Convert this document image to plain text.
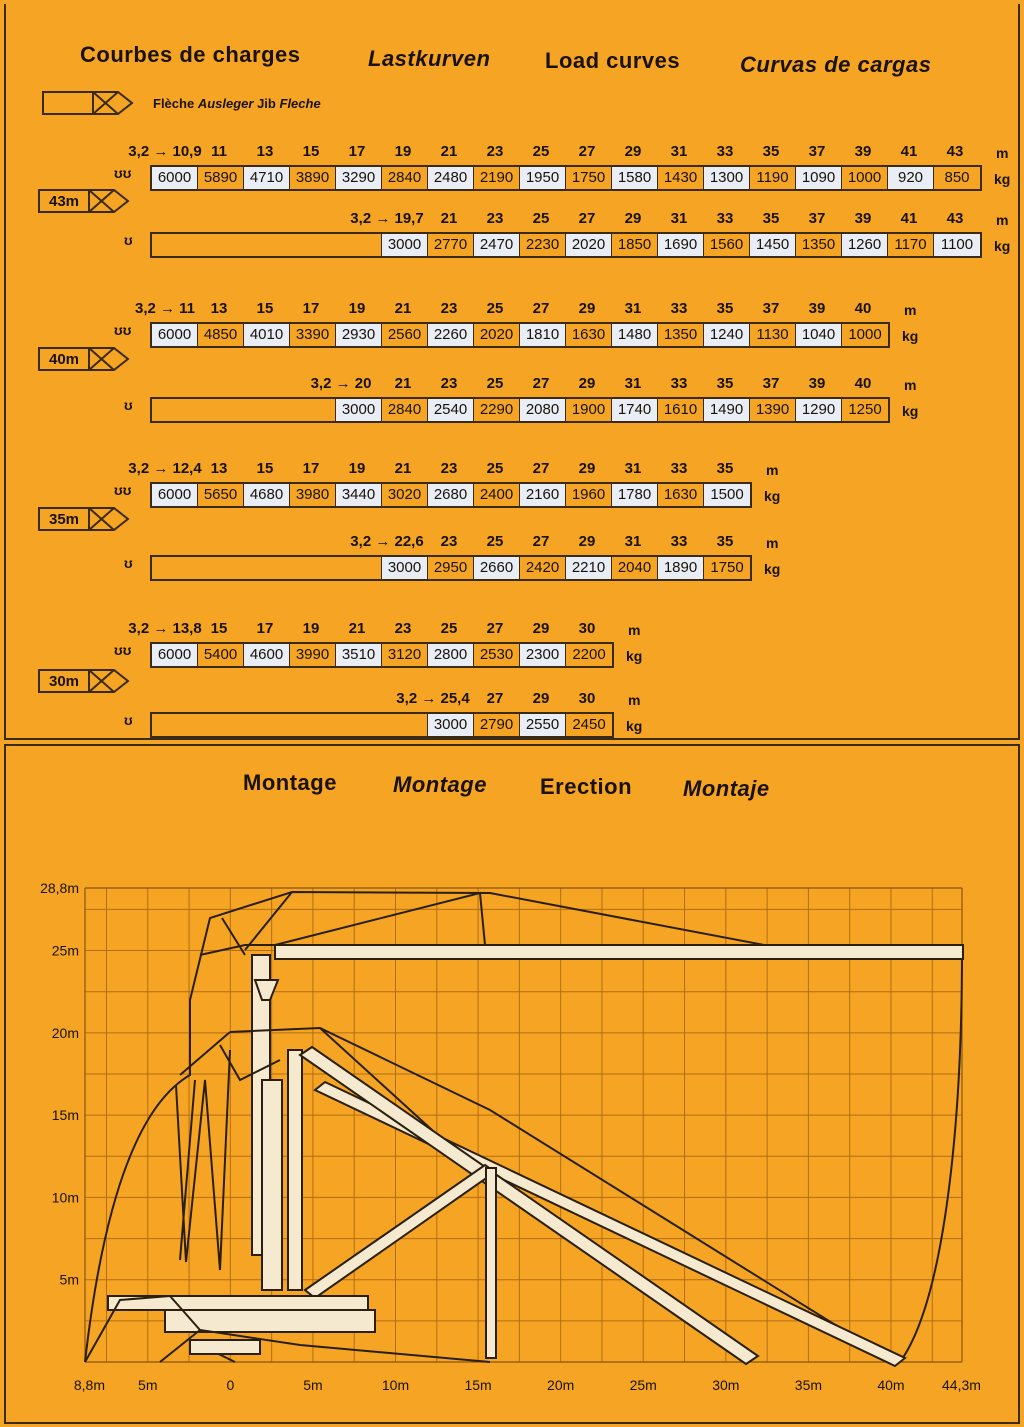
Courbes de charges	Lastkurven Load curves	Curvas de cargas
Flèche Ausleger Jib Fleche
3,2 → 10,9 11 13 15 17 19 21 23 25 27 29 31 33 35 37 39 41 43 m
ʊʊ	6000 5890 4710 3890 3290 2840 2480 2190 1950 1750 1580 1430 1300 1190 1090 1000	920	850	kg
43m
3,2 → 19,7 21 23 25 27 29 31 33 35 37 39 41 43 m
ʊ	3000 2770 2470 2230 2020 1850 1690 1560 1450 1350 1260 1170 1100	kg
3,2 → 11 13 15 17 19 21 23 25 27 29 31 33 35 37 39 40 m
ʊʊ	6000 4850 4010 3390 2930 2560 2260 2020 1810 1630 1480 1350 1240 1130 1040 1000	kg
40m
3,2 → 20 21 23 25 27 29 31 33 35 37 39 40 m
ʊ	3000 2840 2540 2290 2080 1900 1740 1610 1490 1390 1290 1250	kg
3,2 → 12,4 13 15 17 19 21 23 25 27 29 31 33 35 m
ʊʊ	6000 5650 4680 3980 3440 3020 2680 2400 2160 1960 1780 1630 1500	kg
35m
3,2 → 22,6 23 25 27 29 31 33 35 m
ʊ	3000 2950 2660 2420 2210 2040 1890 1750	kg
3,2 → 13,8 15 17 19 21 23 25 27 29 30 m
ʊʊ	6000 5400 4600 3990 3510 3120 2800 2530 2300 2200	kg
30m
3,2 → 25,4 27 29 30 m
ʊ	3000 2790 2550 2450	kg
Montage	Montage Erection Montaje
28,8m
25m
20m
15m
10m
5m
8,8m 5m	0	5m	10m	15m	20m	25m	30m	35m	40m	44,3m
